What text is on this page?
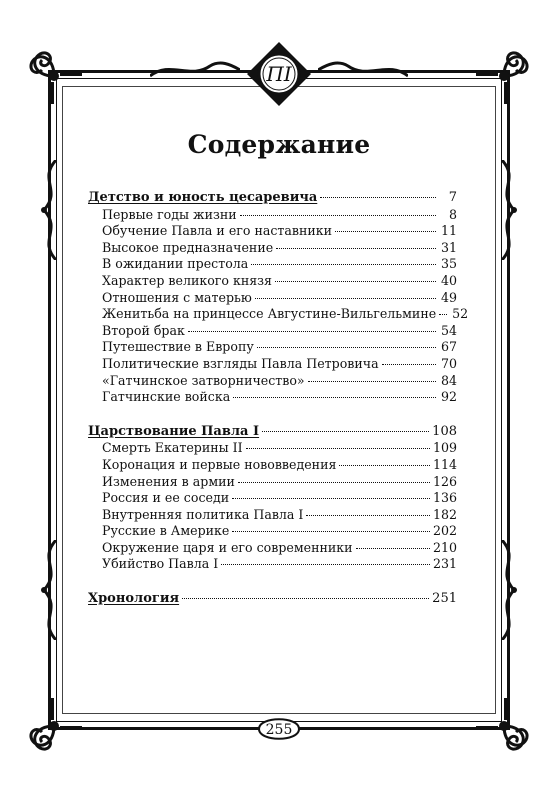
ПI
Содержание
Детство и юность цесаревича	7
Первые годы жизни	8
Обучение Павла и его наставники	11
Высокое предназначение	31
В ожидании престола	35
Характер великого князя	40
Отношения с матерью	49
Женитьба на принцессе Августине-Вильгельмине 52
Второй брак	54
Путешествие в Европу	67
Политические взгляды Павла Петровича	70
«Гатчинское затворничество»	84
Гатчинские войска	92
Царствование Павла I	108
Смерть Екатерины II	109
Коронация и первые нововведения	114
Изменения в армии	126
Россия и ее соседи	136
Внутренняя политика Павла I	182
Русские в Америке	202
Окружение царя и его современники	210
Убийство Павла I	231
Хронология	251
255
